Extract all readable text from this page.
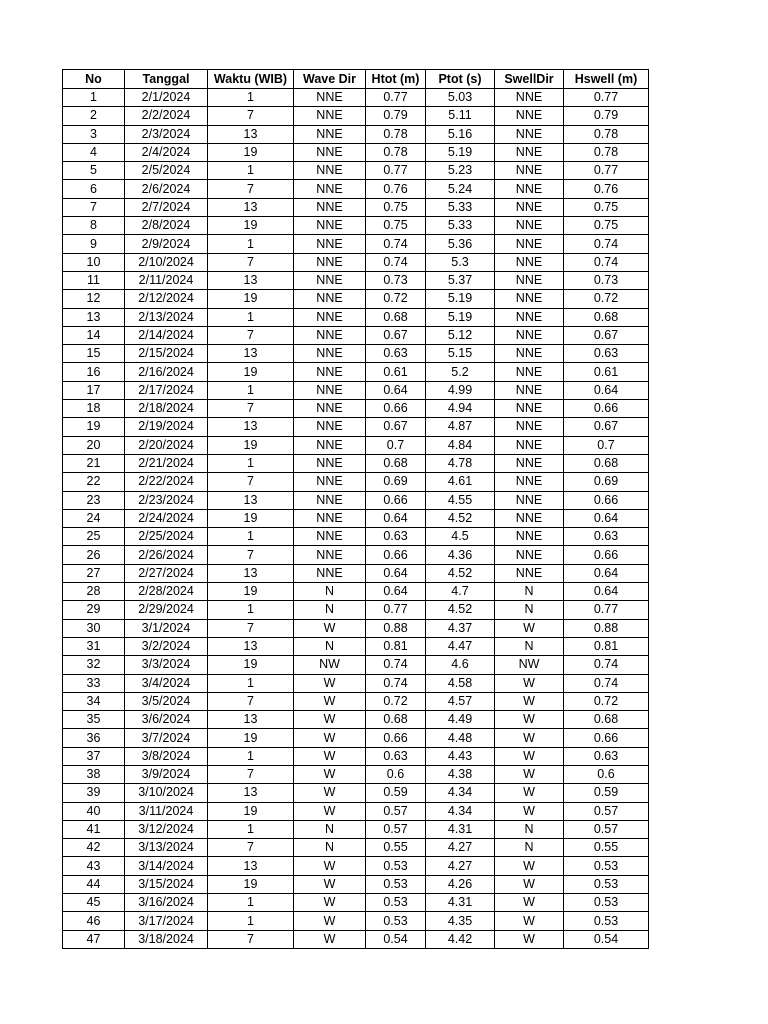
No	Tanggal	Waktu (WIB)	Wave Dir	Htot (m)	Ptot (s)	SwellDir	Hswell (m)
1	2/1/2024	1	NNE	0.77	5.03	NNE	0.77
2	2/2/2024	7	NNE	0.79	5.11	NNE	0.79
3	2/3/2024	13	NNE	0.78	5.16	NNE	0.78
4	2/4/2024	19	NNE	0.78	5.19	NNE	0.78
5	2/5/2024	1	NNE	0.77	5.23	NNE	0.77
6	2/6/2024	7	NNE	0.76	5.24	NNE	0.76
7	2/7/2024	13	NNE	0.75	5.33	NNE	0.75
8	2/8/2024	19	NNE	0.75	5.33	NNE	0.75
9	2/9/2024	1	NNE	0.74	5.36	NNE	0.74
10	2/10/2024	7	NNE	0.74	5.3	NNE	0.74
11	2/11/2024	13	NNE	0.73	5.37	NNE	0.73
12	2/12/2024	19	NNE	0.72	5.19	NNE	0.72
13	2/13/2024	1	NNE	0.68	5.19	NNE	0.68
14	2/14/2024	7	NNE	0.67	5.12	NNE	0.67
15	2/15/2024	13	NNE	0.63	5.15	NNE	0.63
16	2/16/2024	19	NNE	0.61	5.2	NNE	0.61
17	2/17/2024	1	NNE	0.64	4.99	NNE	0.64
18	2/18/2024	7	NNE	0.66	4.94	NNE	0.66
19	2/19/2024	13	NNE	0.67	4.87	NNE	0.67
20	2/20/2024	19	NNE	0.7	4.84	NNE	0.7
21	2/21/2024	1	NNE	0.68	4.78	NNE	0.68
22	2/22/2024	7	NNE	0.69	4.61	NNE	0.69
23	2/23/2024	13	NNE	0.66	4.55	NNE	0.66
24	2/24/2024	19	NNE	0.64	4.52	NNE	0.64
25	2/25/2024	1	NNE	0.63	4.5	NNE	0.63
26	2/26/2024	7	NNE	0.66	4.36	NNE	0.66
27	2/27/2024	13	NNE	0.64	4.52	NNE	0.64
28	2/28/2024	19	N	0.64	4.7	N	0.64
29	2/29/2024	1	N	0.77	4.52	N	0.77
30	3/1/2024	7	W	0.88	4.37	W	0.88
31	3/2/2024	13	N	0.81	4.47	N	0.81
32	3/3/2024	19	NW	0.74	4.6	NW	0.74
33	3/4/2024	1	W	0.74	4.58	W	0.74
34	3/5/2024	7	W	0.72	4.57	W	0.72
35	3/6/2024	13	W	0.68	4.49	W	0.68
36	3/7/2024	19	W	0.66	4.48	W	0.66
37	3/8/2024	1	W	0.63	4.43	W	0.63
38	3/9/2024	7	W	0.6	4.38	W	0.6
39	3/10/2024	13	W	0.59	4.34	W	0.59
40	3/11/2024	19	W	0.57	4.34	W	0.57
41	3/12/2024	1	N	0.57	4.31	N	0.57
42	3/13/2024	7	N	0.55	4.27	N	0.55
43	3/14/2024	13	W	0.53	4.27	W	0.53
44	3/15/2024	19	W	0.53	4.26	W	0.53
45	3/16/2024	1	W	0.53	4.31	W	0.53
46	3/17/2024	1	W	0.53	4.35	W	0.53
47	3/18/2024	7	W	0.54	4.42	W	0.54
